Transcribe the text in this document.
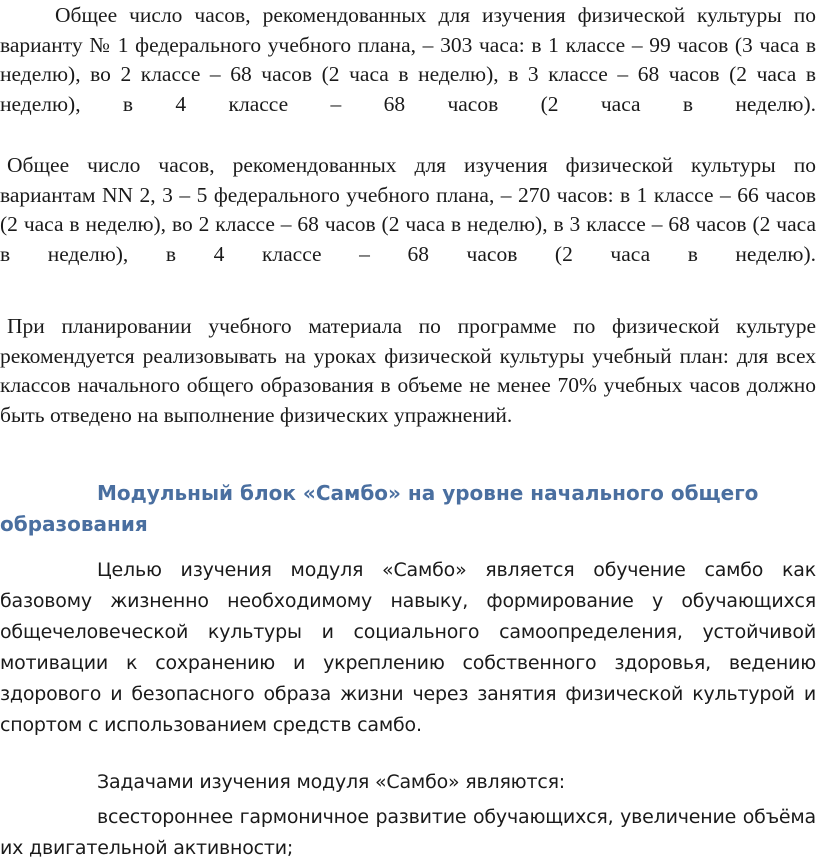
Общее число часов, рекомендованных для изучения физической культуры по варианту № 1 федерального учебного плана, – 303 часа: в 1 классе – 99 часов (3 часа в неделю), во 2 классе – 68 часов (2 часа в неделю), в 3 классе – 68 часов (2 часа в неделю), в 4 классе – 68 часов (2 часа в неделю).

Общее число часов, рекомендованных для изучения физической культуры по вариантам NN 2, 3 – 5 федерального учебного плана, – 270 часов: в 1 классе – 66 часов (2 часа в неделю), во 2 классе – 68 часов (2 часа в неделю), в 3 классе – 68 часов (2 часа в неделю), в 4 классе – 68 часов (2 часа в неделю).

При планировании учебного материала по программе по физической культуре рекомендуется реализовывать на уроках физической культуры учебный план: для всех классов начального общего образования в объеме не менее 70% учебных часов должно быть отведено на выполнение физических упражнений.

Модульный блок «Самбо» на уровне начального общего
образования

Целью изучения модуля «Самбо» является обучение самбо как базовому жизненно необходимому навыку, формирование у обучающихся общечеловеческой культуры и социального самоопределения, устойчивой мотивации к сохранению и укреплению собственного здоровья, ведению здорового и безопасного образа жизни через занятия физической культурой и спортом с использованием средств самбо.

Задачами изучения модуля «Самбо» являются:

всестороннее гармоничное развитие обучающихся, увеличение объёма их двигательной активности;
